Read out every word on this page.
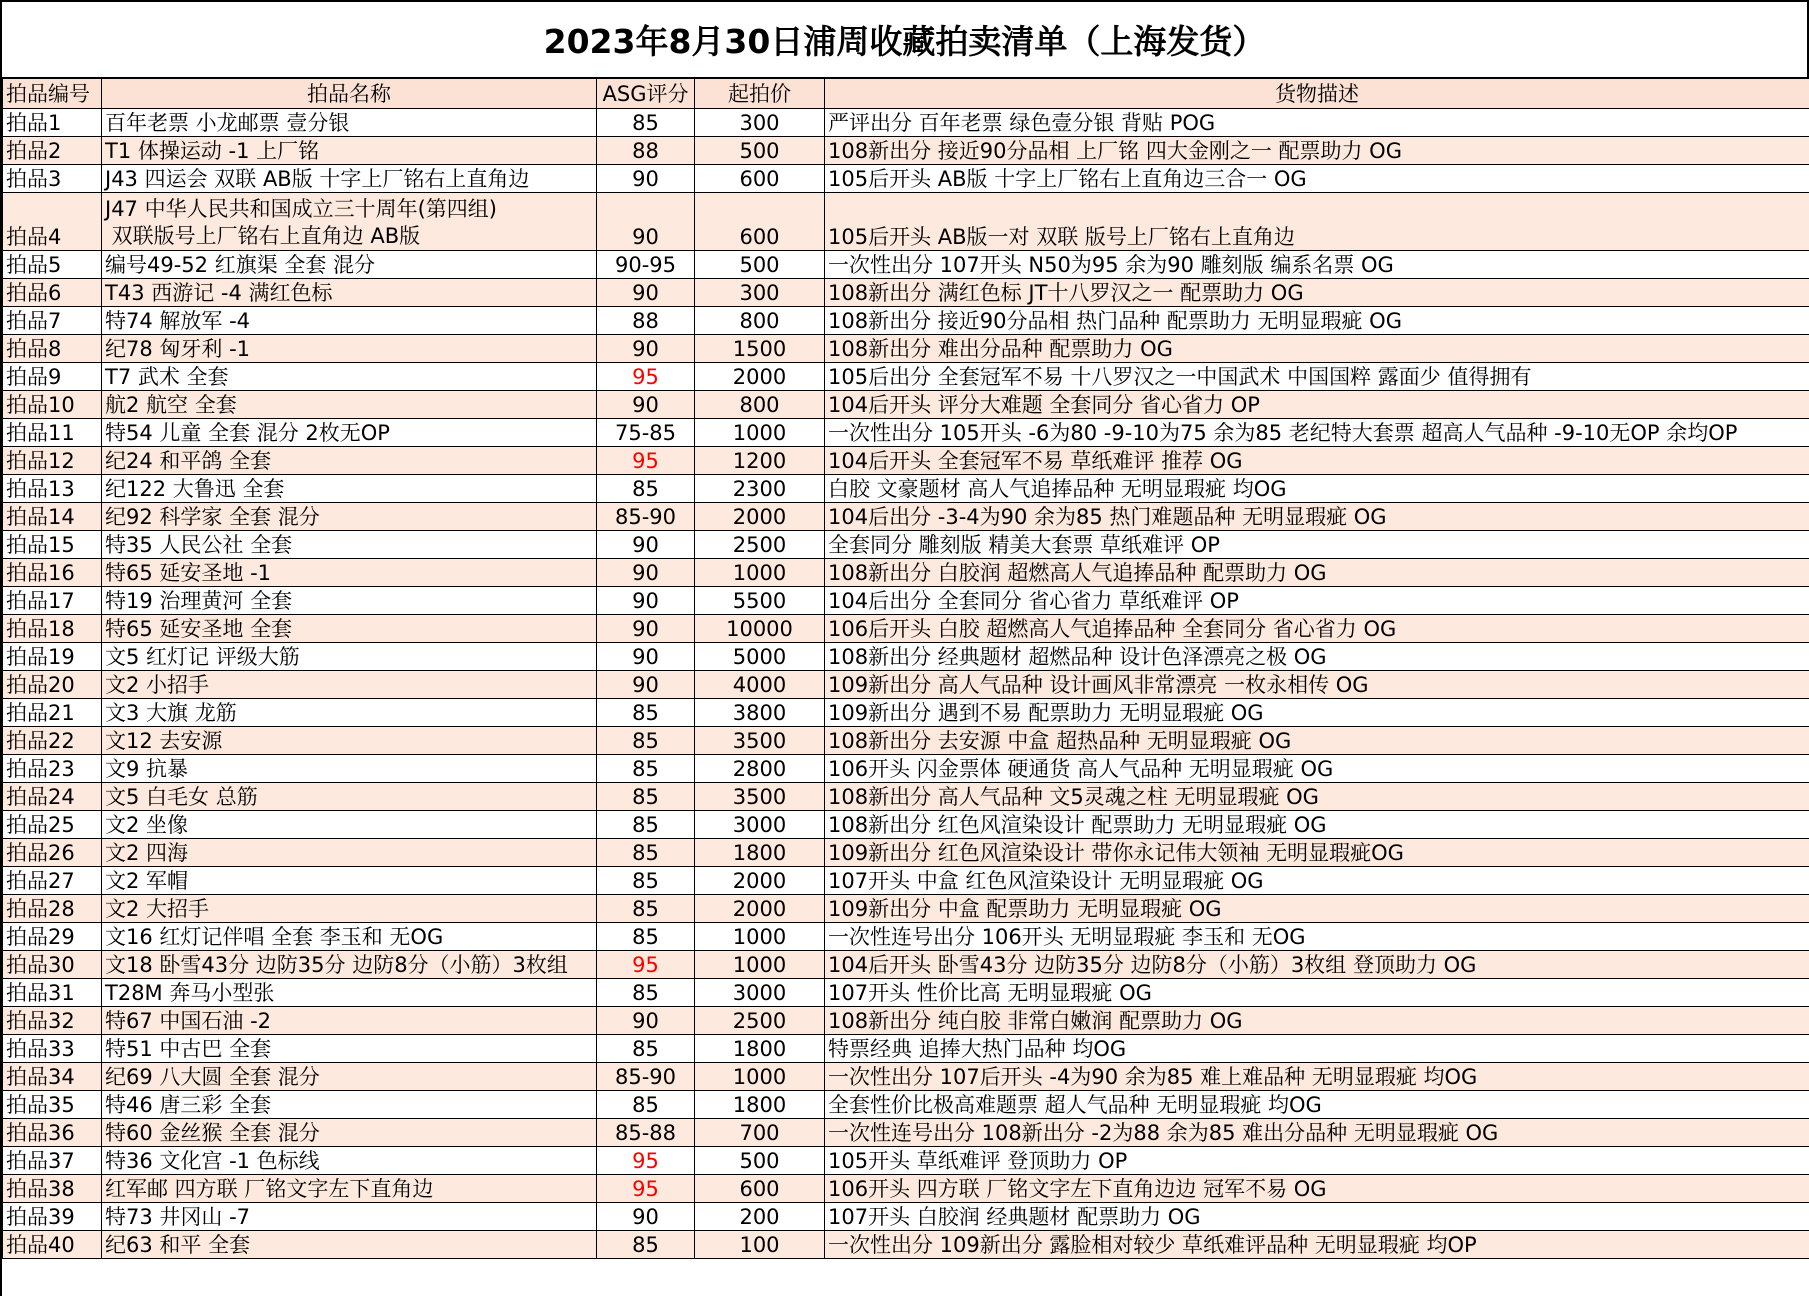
2023年8月30日浦周收藏拍卖清单（上海发货）
拍品编号	拍品名称	ASG评分	起拍价	货物描述
拍品1	百年老票 小龙邮票 壹分银	85	300	严评出分 百年老票 绿色壹分银 背贴 POG
拍品2	T1 体操运动 -1 上厂铭	88	500	108新出分 接近90分品相 上厂铭 四大金刚之一 配票助力 OG
拍品3	J43 四运会 双联 AB版 十字上厂铭右上直角边	90	600	105后开头 AB版 十字上厂铭右上直角边三合一 OG
拍品4	J47 中华人民共和国成立三十周年(第四组)
双联版号上厂铭右上直角边 AB版	90	600	105后开头 AB版一对 双联 版号上厂铭右上直角边
拍品5	编号49-52 红旗渠 全套 混分	90-95	500	一次性出分 107开头 N50为95 余为90 雕刻版 编系名票 OG
拍品6	T43 西游记 -4 满红色标	90	300	108新出分 满红色标 JT十八罗汉之一 配票助力 OG
拍品7	特74 解放军 -4	88	800	108新出分 接近90分品相 热门品种 配票助力 无明显瑕疵 OG
拍品8	纪78 匈牙利 -1	90	1500	108新出分 难出分品种 配票助力 OG
拍品9	T7 武术 全套	95	2000	105后出分 全套冠军不易 十八罗汉之一中国武术 中国国粹 露面少 值得拥有
拍品10	航2 航空 全套	90	800	104后开头 评分大难题 全套同分 省心省力 OP
拍品11	特54 儿童 全套 混分 2枚无OP	75-85	1000	一次性出分 105开头 -6为80 -9-10为75 余为85 老纪特大套票 超高人气品种 -9-10无OP 余均OP
拍品12	纪24 和平鸽 全套	95	1200	104后开头 全套冠军不易 草纸难评 推荐 OG
拍品13	纪122 大鲁迅 全套	85	2300	白胶 文豪题材 高人气追捧品种 无明显瑕疵 均OG
拍品14	纪92 科学家 全套 混分	85-90	2000	104后出分 -3-4为90 余为85 热门难题品种 无明显瑕疵 OG
拍品15	特35 人民公社 全套	90	2500	全套同分 雕刻版 精美大套票 草纸难评 OP
拍品16	特65 延安圣地 -1	90	1000	108新出分 白胶润 超燃高人气追捧品种 配票助力 OG
拍品17	特19 治理黄河 全套	90	5500	104后出分 全套同分 省心省力 草纸难评 OP
拍品18	特65 延安圣地 全套	90	10000	106后开头 白胶 超燃高人气追捧品种 全套同分 省心省力 OG
拍品19	文5 红灯记 评级大筋	90	5000	108新出分 经典题材 超燃品种 设计色泽漂亮之极 OG
拍品20	文2 小招手	90	4000	109新出分 高人气品种 设计画风非常漂亮 一枚永相传 OG
拍品21	文3 大旗 龙筋	85	3800	109新出分 遇到不易 配票助力 无明显瑕疵 OG
拍品22	文12 去安源	85	3500	108新出分 去安源 中盒 超热品种 无明显瑕疵 OG
拍品23	文9 抗暴	85	2800	106开头 闪金票体 硬通货 高人气品种 无明显瑕疵 OG
拍品24	文5 白毛女 总筋	85	3500	108新出分 高人气品种 文5灵魂之柱 无明显瑕疵 OG
拍品25	文2 坐像	85	3000	108新出分 红色风渲染设计 配票助力 无明显瑕疵 OG
拍品26	文2 四海	85	1800	109新出分 红色风渲染设计 带你永记伟大领袖 无明显瑕疵OG
拍品27	文2 军帽	85	2000	107开头 中盒 红色风渲染设计 无明显瑕疵 OG
拍品28	文2 大招手	85	2000	109新出分 中盒 配票助力 无明显瑕疵 OG
拍品29	文16 红灯记伴唱 全套 李玉和 无OG	85	1000	一次性连号出分 106开头 无明显瑕疵 李玉和 无OG
拍品30	文18 卧雪43分 边防35分 边防8分（小筋）3枚组	95	1000	104后开头 卧雪43分 边防35分 边防8分（小筋）3枚组 登顶助力 OG
拍品31	T28M 奔马小型张	85	3000	107开头 性价比高 无明显瑕疵 OG
拍品32	特67 中国石油 -2	90	2500	108新出分 纯白胶 非常白嫩润 配票助力 OG
拍品33	特51 中古巴 全套	85	1800	特票经典 追捧大热门品种 均OG
拍品34	纪69 八大圆 全套 混分	85-90	1000	一次性出分 107后开头 -4为90 余为85 难上难品种 无明显瑕疵 均OG
拍品35	特46 唐三彩 全套	85	1800	全套性价比极高难题票 超人气品种 无明显瑕疵 均OG
拍品36	特60 金丝猴 全套 混分	85-88	700	一次性连号出分 108新出分 -2为88 余为85 难出分品种 无明显瑕疵 OG
拍品37	特36 文化宫 -1 色标线	95	500	105开头 草纸难评 登顶助力 OP
拍品38	红军邮 四方联 厂铭文字左下直角边	95	600	106开头 四方联 厂铭文字左下直角边边 冠军不易 OG
拍品39	特73 井冈山 -7	90	200	107开头 白胶润 经典题材 配票助力 OG
拍品40	纪63 和平 全套	85	100	一次性出分 109新出分 露脸相对较少 草纸难评品种 无明显瑕疵 均OP
